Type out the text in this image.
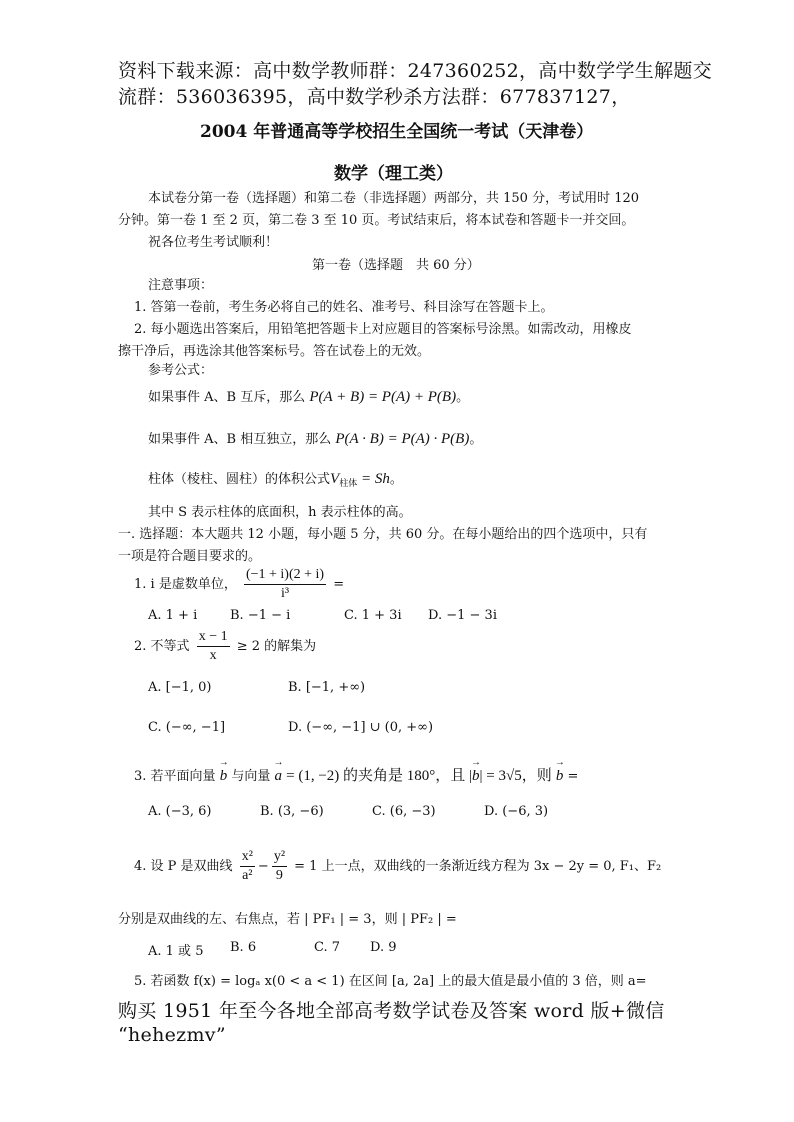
资料下载来源：高中数学教师群：247360252，高中数学学生解题交
流群：536036395，高中数学秒杀方法群：677837127，
2004 年普通高等学校招生全国统一考试（天津卷）
数学（理工类）
本试卷分第一卷（选择题）和第二卷（非选择题）两部分，共 150 分，考试用时 120
分钟。第一卷 1 至 2 页，第二卷 3 至 10 页。考试结束后，将本试卷和答题卡一并交回。
祝各位考生考试顺利！
第一卷（选择题　共 60 分）
注意事项：
1. 答第一卷前，考生务必将自己的姓名、准考号、科目涂写在答题卡上。
2. 每小题选出答案后，用铅笔把答题卡上对应题目的答案标号涂黑。如需改动，用橡皮
擦干净后，再选涂其他答案标号。答在试卷上的无效。
参考公式：
如果事件 A、B 互斥，那么 P(A + B) = P(A) + P(B)。
如果事件 A、B 相互独立，那么 P(A · B) = P(A) · P(B)。
柱体（棱柱、圆柱）的体积公式$V_{柱体} = Sh$。
其中 S 表示柱体的底面积，h 表示柱体的高。
一. 选择题：本大题共 12 小题，每小题 5 分，共 60 分。在每小题给出的四个选项中，只有
一项是符合题目要求的。
1. i 是虚数单位， $\frac{(-1 + i)(2 + i)}{\text{i³}}$ =
A. 1 + i	B. −1 − i	C. 1 + 3i D. −1 − 3i
2. 不等式 $\frac{x - 1}{x} \ge 2$ 的解集为
A. [−1, 0)	B. [−1, +∞)
C. (−∞, −1]	D. (−∞, −1] ∪ (0, +∞)
3. 若平面向量 → b 与向量 → a = (1, −2) 的夹角是 180°，且 |→ b| = 3√5，则 → b =
A. (−3, 6)	B. (3, −6)	C. (6, −3)	D. (−6, 3)
4. 设 P 是双曲线 $\frac{\text{x²}}{\text{a²}} - \frac{\text{y²}}{9} = 1$ 上一点，双曲线的一条渐近线方程为 3x − 2y = 0, F₁、F₂
分别是双曲线的左、右焦点，若 | PF₁ | = 3，则 | PF₂ | =
A. 1 或 5 B. 6	C. 7 D. 9
5. 若函数 f(x) = logₐ x(0 < a < 1) 在区间 [a, 2a] 上的最大值是最小值的 3 倍，则 a=
购买 1951 年至今各地全部高考数学试卷及答案 word 版+微信
“hehezmv”
